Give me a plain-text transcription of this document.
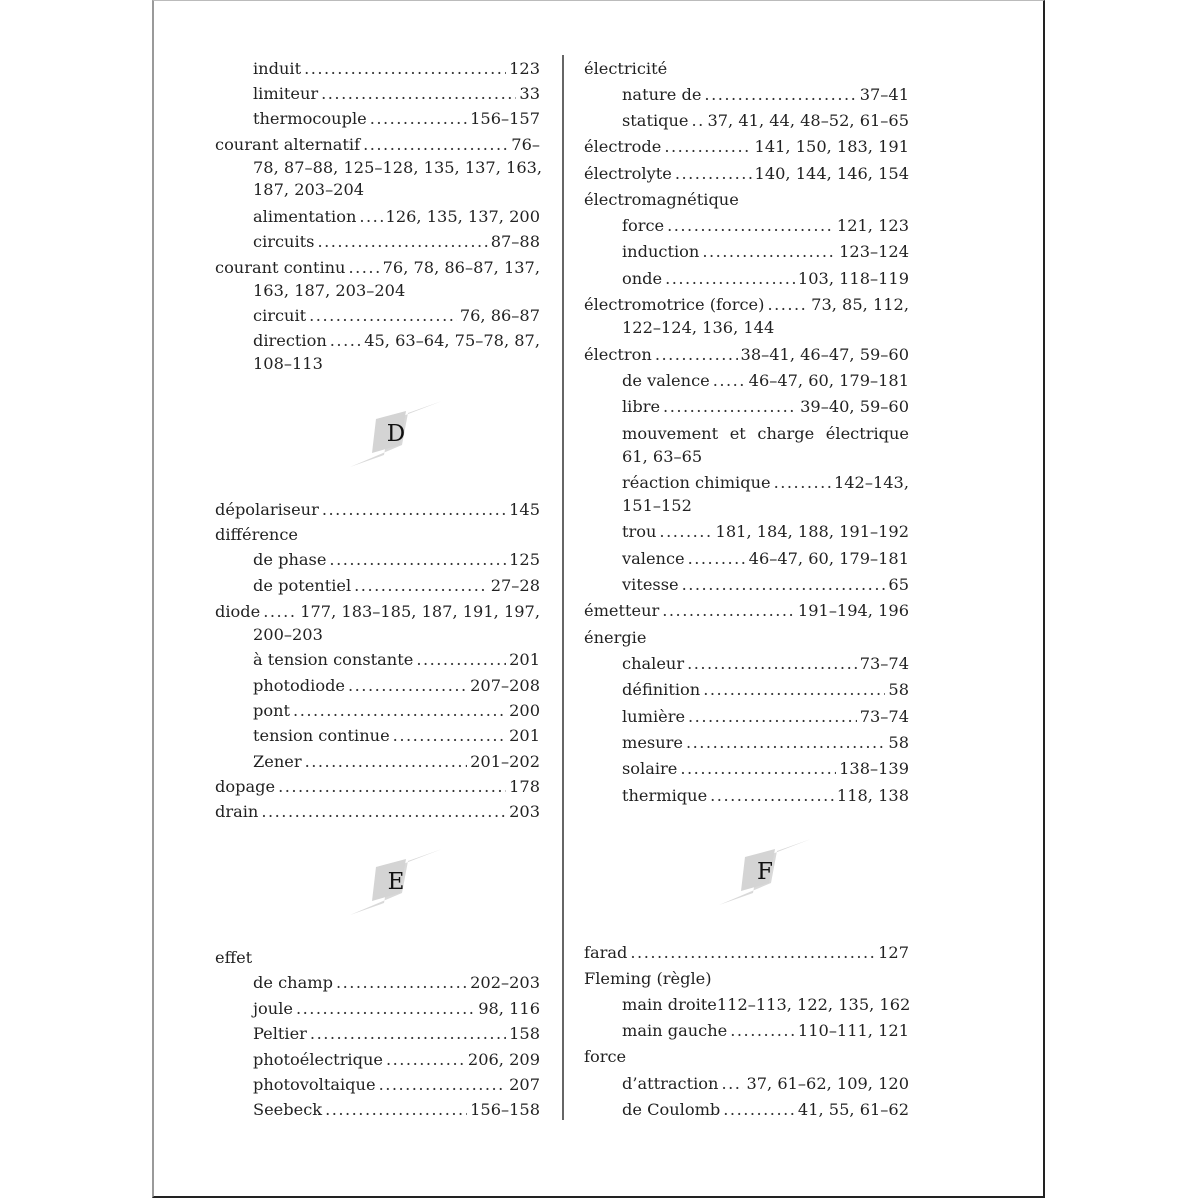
induit .....	123
limiteur .....	33
thermocouple .....	156–157
courant alternatif .....	76–
78, 87–88, 125–128, 135, 137, 163,
187, 203–204
alimentation ..... 126, 135, 137, 200
circuits .....	87–88
courant continu ..... 76, 78, 86–87, 137,
163, 187, 203–204
circuit .....	76, 86–87
direction ..... 45, 63–64, 75–78, 87,
108–113
dépolariseur .....	145
différence
de phase .....	125
de potentiel .....	27–28
diode ..... 177, 183–185, 187, 191, 197,
200–203
à tension constante .....	201
photodiode .....	207–208
pont .....	200
tension continue .....	201
Zener .....	201–202
dopage .....	178
drain .....	203
effet
de champ .....	202–203
joule .....	98, 116
Peltier .....	158
photoélectrique .....	206, 209
photovoltaique .....	207
Seebeck .....	156–158
électricité
nature de .....	37–41
statique ..... 37, 41, 44, 48–52, 61–65
électrode .....	141, 150, 183, 191
électrolyte .....	140, 144, 146, 154
électromagnétique
force .....	121, 123
induction .....	123–124
onde .....	103, 118–119
électromotrice (force) .....	73, 85, 112,
122–124, 136, 144
électron .....	38–41, 46–47, 59–60
de valence ..... 46–47, 60, 179–181
libre .....	39–40, 59–60
mouvement et charge électrique
61, 63–65
réaction chimique .....	142–143,
151–152
trou .....	181, 184, 188, 191–192
valence .....	46–47, 60, 179–181
vitesse .....	65
émetteur .....	191–194, 196
énergie
chaleur .....	73–74
définition .....	58
lumière .....	73–74
mesure .....	58
solaire .....	138–139
thermique .....	118, 138
farad .....	127
Fleming (règle)
main droite 112–113, 122, 135, 162
main gauche .....	110–111, 121
force
d’attraction ..... 37, 61–62, 109, 120
de Coulomb .....	41, 55, 61–62
D
E	F
